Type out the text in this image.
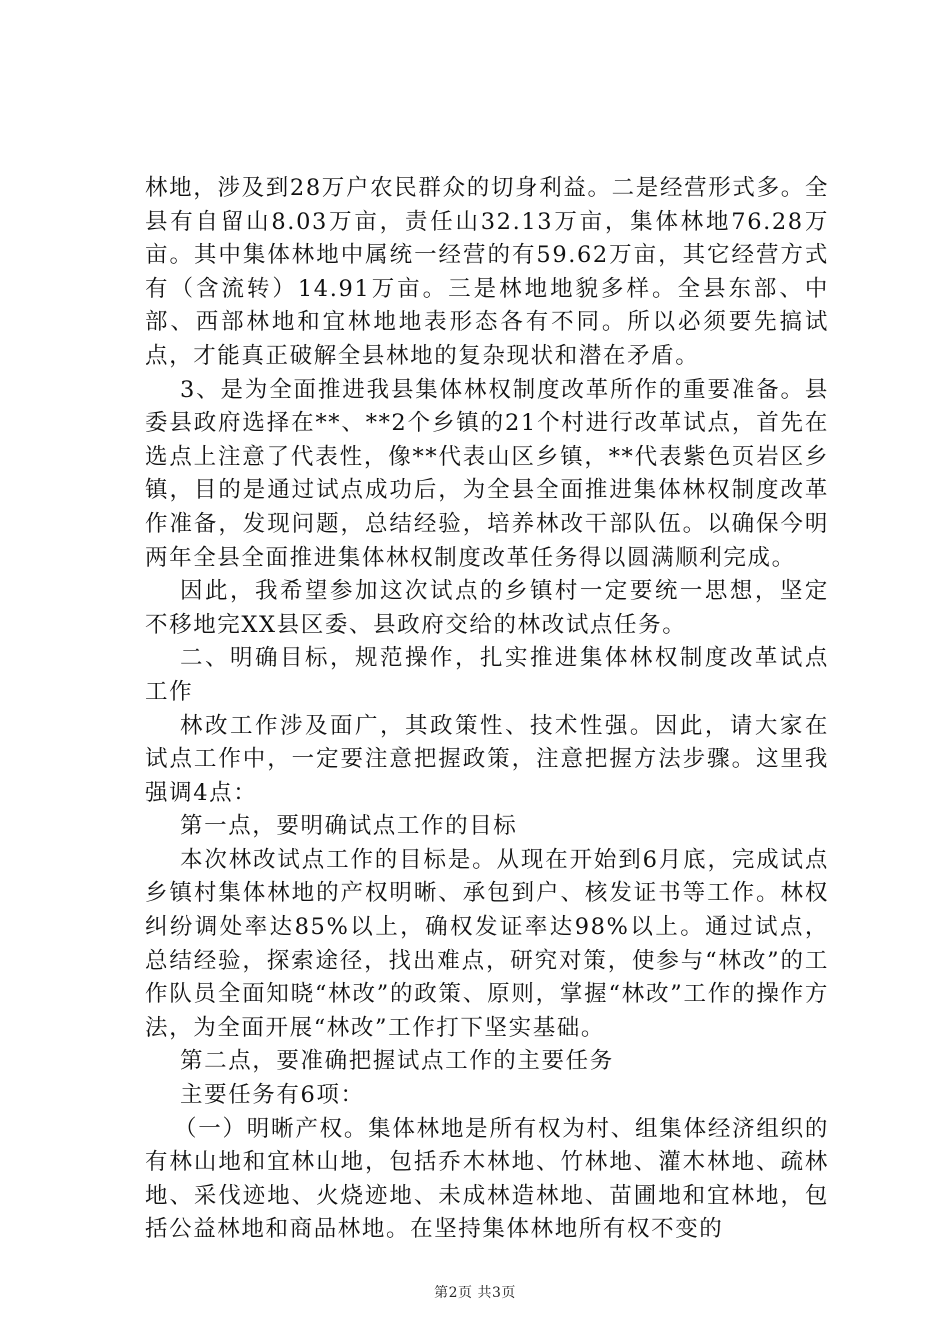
林地，涉及到28万户农民群众的切身利益。二是经营形式多。全县有自留山8.03万亩，责任山32.13万亩，集体林地76.28万亩。其中集体林地中属统一经营的有59.62万亩，其它经营方式有（含流转）14.91万亩。三是林地地貌多样。全县东部、中部、西部林地和宜林地地表形态各有不同。所以必须要先搞试点，才能真正破解全县林地的复杂现状和潜在矛盾。

3、是为全面推进我县集体林权制度改革所作的重要准备。县委县政府选择在**、**2个乡镇的21个村进行改革试点，首先在选点上注意了代表性，像**代表山区乡镇，**代表紫色页岩区乡镇，目的是通过试点成功后，为全县全面推进集体林权制度改革作准备，发现问题，总结经验，培养林改干部队伍。以确保今明两年全县全面推进集体林权制度改革任务得以圆满顺利完成。

因此，我希望参加这次试点的乡镇村一定要统一思想，坚定不移地完XX县区委、县政府交给的林改试点任务。

二、明确目标，规范操作，扎实推进集体林权制度改革试点工作

林改工作涉及面广，其政策性、技术性强。因此，请大家在试点工作中，一定要注意把握政策，注意把握方法步骤。这里我强调4点：

第一点，要明确试点工作的目标

本次林改试点工作的目标是。从现在开始到6月底，完成试点乡镇村集体林地的产权明晰、承包到户、核发证书等工作。林权纠纷调处率达85%以上，确权发证率达98%以上。通过试点，总结经验，探索途径，找出难点，研究对策，使参与“林改”的工作队员全面知晓“林改”的政策、原则，掌握“林改”工作的操作方法，为全面开展“林改”工作打下坚实基础。

第二点，要准确把握试点工作的主要任务

主要任务有6项：

（一）明晰产权。集体林地是所有权为村、组集体经济组织的有林山地和宜林山地，包括乔木林地、竹林地、灌木林地、疏林地、采伐迹地、火烧迹地、未成林造林地、苗圃地和宜林地，包括公益林地和商品林地。在坚持集体林地所有权不变的

第2页 共3页
